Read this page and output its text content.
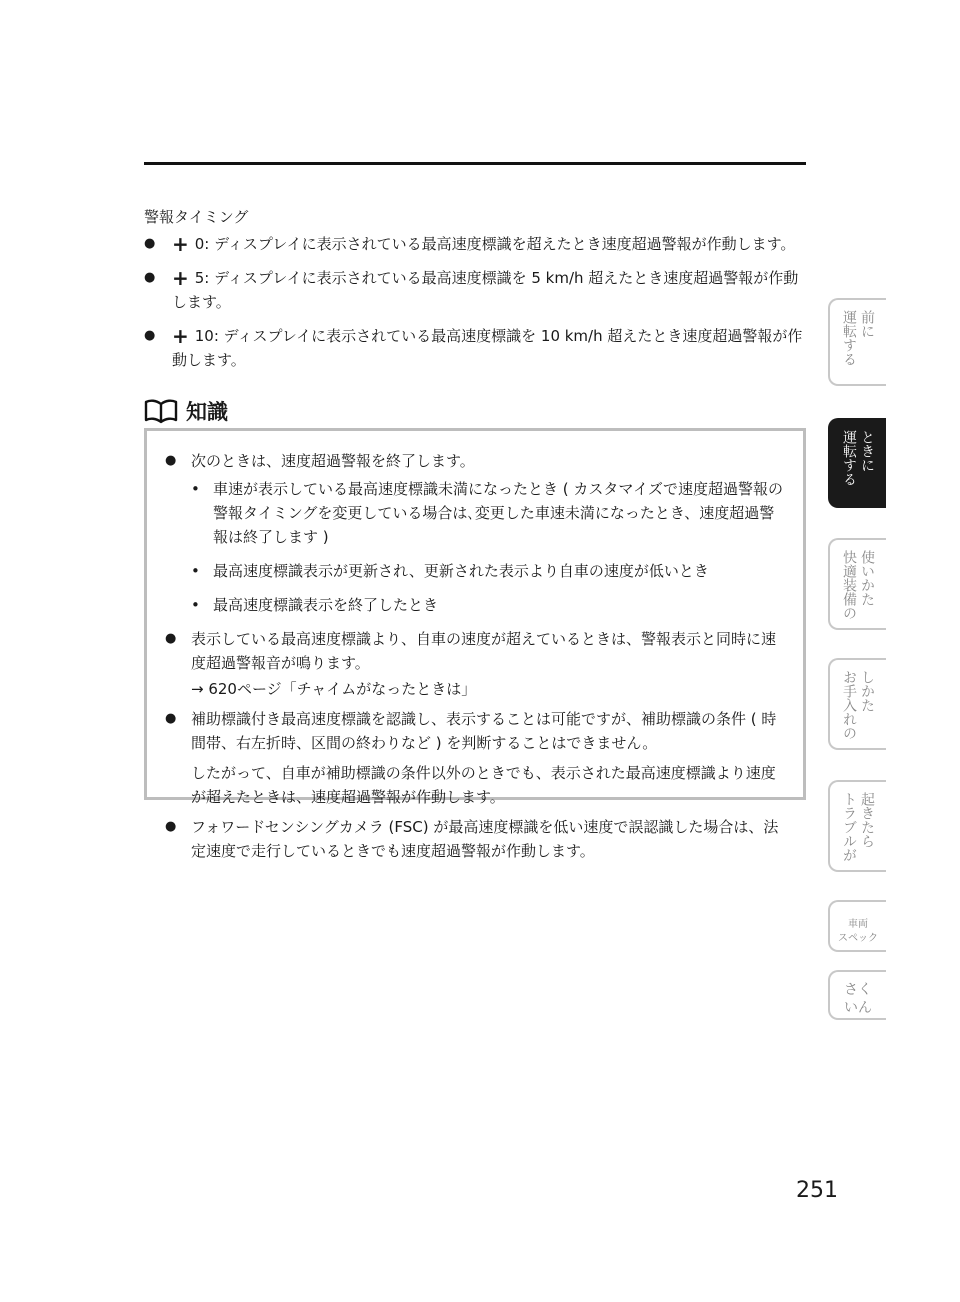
警報タイミング
● + 0: ディスプレイに表示されている最高速度標識を超えたとき速度超過警報が作動します。
● + 5: ディスプレイに表示されている最高速度標識を 5 km/h 超えたとき速度超過警報が作動します。
● + 10: ディスプレイに表示されている最高速度標識を 10 km/h 超えたとき速度超過警報が作動します。
知識
● 次のときは、速度超過警報を終了します。
• 車速が表示している最高速度標識未満になったとき ( カスタマイズで速度超過警報の警報タイミングを変更している場合は､変更した車速未満になったとき、速度超過警報は終了します )
• 最高速度標識表示が更新され、更新された表示より自車の速度が低いとき
• 最高速度標識表示を終了したとき
● 表示している最高速度標識より、自車の速度が超えているときは、警報表示と同時に速度超過警報音が鳴ります。
→ 620ページ「チャイムがなったときは」
● 補助標識付き最高速度標識を認識し、表示することは可能ですが、補助標識の条件 ( 時間帯、右左折時、区間の終わりなど ) を判断することはできません。
したがって、自車が補助標識の条件以外のときでも、表示された最高速度標識より速度が超えたときは、速度超過警報が作動します。
● フォワードセンシングカメラ (FSC) が最高速度標識を低い速度で誤認識した場合は、法定速度で走行しているときでも速度超過警報が作動します。
運転する 前に
運転する ときに
快適装備の 使いかた
お手入れの しかた
トラブルが 起きたら
車両
スペック
さく
いん
251
